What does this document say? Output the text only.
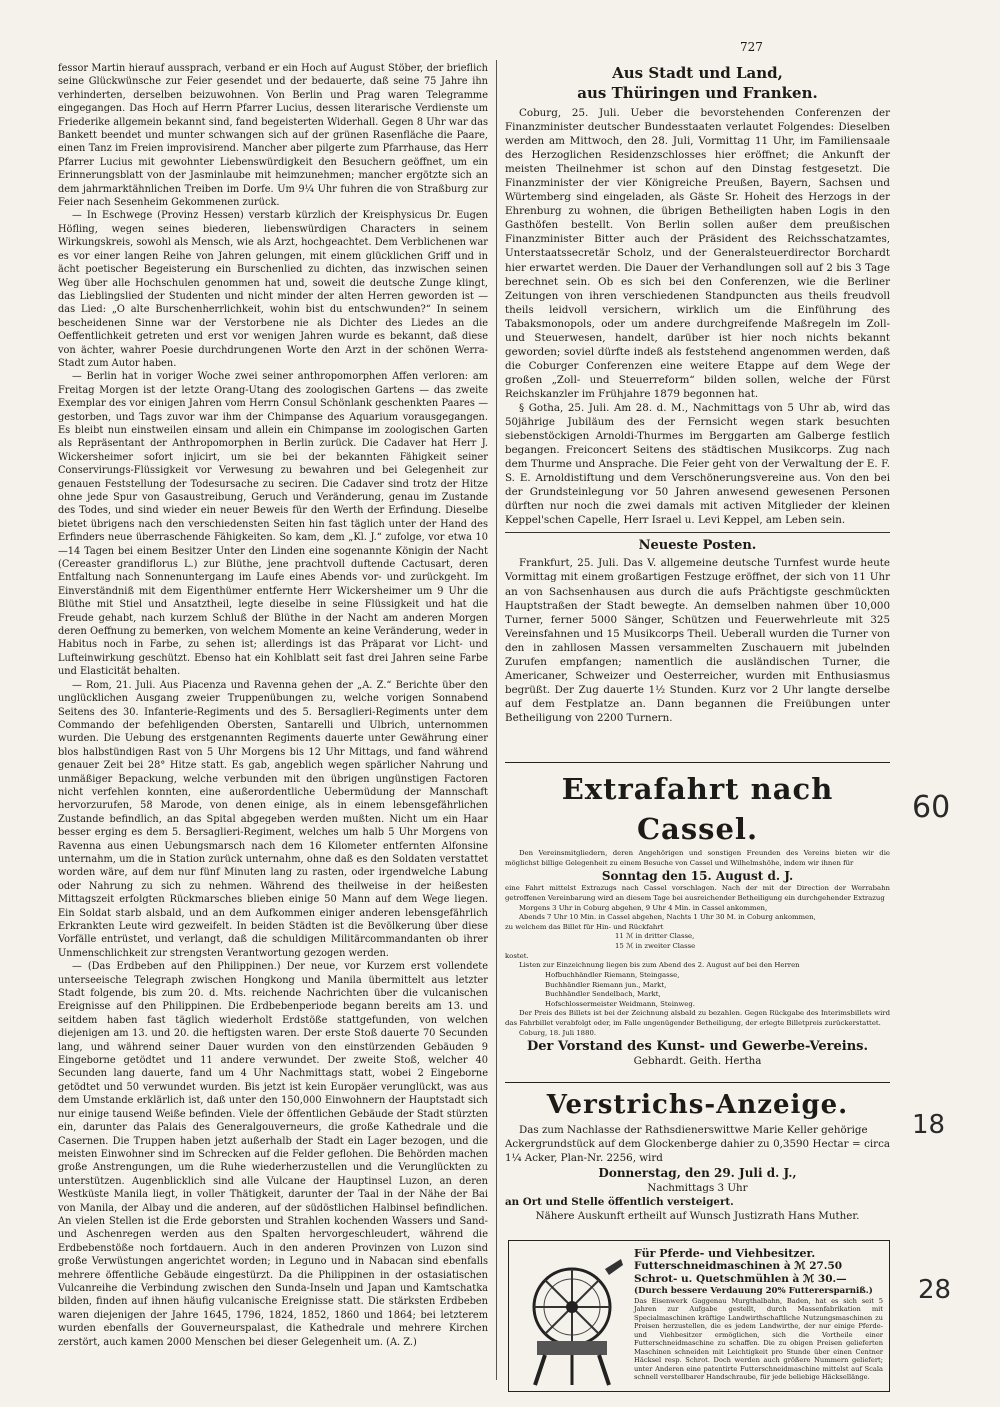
727

fessor Martin hierauf aussprach, verband er ein Hoch auf August Stöber, der brieflich seine Glückwünsche zur Feier gesendet und der bedauerte, daß seine 75 Jahre ihn verhinderten, derselben beizuwohnen. Von Berlin und Prag waren Telegramme eingegangen. Das Hoch auf Herrn Pfarrer Lucius, dessen literarische Verdienste um Friederike allgemein bekannt sind, fand begeisterten Widerhall. Gegen 8 Uhr war das Bankett beendet und munter schwangen sich auf der grünen Rasenfläche die Paare, einen Tanz im Freien improvisirend. Mancher aber pilgerte zum Pfarrhause, das Herr Pfarrer Lucius mit gewohnter Liebenswürdigkeit den Besuchern geöffnet, um ein Erinnerungsblatt von der Jasminlaube mit heimzunehmen; mancher ergötzte sich an dem jahrmarktähnlichen Treiben im Dorfe. Um 9¼ Uhr fuhren die von Straßburg zur Feier nach Sesenheim Gekommenen zurück.

— In Eschwege (Provinz Hessen) verstarb kürzlich der Kreisphysicus Dr. Eugen Höfling, wegen seines biederen, liebenswürdigen Characters in seinem Wirkungskreis, sowohl als Mensch, wie als Arzt, hochgeachtet. Dem Verblichenen war es vor einer langen Reihe von Jahren gelungen, mit einem glücklichen Griff und in ächt poetischer Begeisterung ein Burschenlied zu dichten, das inzwischen seinen Weg über alle Hochschulen genommen hat und, soweit die deutsche Zunge klingt, das Lieblingslied der Studenten und nicht minder der alten Herren geworden ist — das Lied: „O alte Burschenherrlichkeit, wohin bist du entschwunden?“ In seinem bescheidenen Sinne war der Verstorbene nie als Dichter des Liedes an die Oeffentlichkeit getreten und erst vor wenigen Jahren wurde es bekannt, daß diese von ächter, wahrer Poesie durchdrungenen Worte den Arzt in der schönen Werra-Stadt zum Autor haben.

— Berlin hat in voriger Woche zwei seiner anthropomorphen Affen verloren: am Freitag Morgen ist der letzte Orang-Utang des zoologischen Gartens — das zweite Exemplar des vor einigen Jahren vom Herrn Consul Schönlank geschenkten Paares — gestorben, und Tags zuvor war ihm der Chimpanse des Aquarium vorausgegangen. Es bleibt nun einstweilen einsam und allein ein Chimpanse im zoologischen Garten als Repräsentant der Anthropomorphen in Berlin zurück. Die Cadaver hat Herr J. Wickersheimer sofort injicirt, um sie bei der bekannten Fähigkeit seiner Conservirungs-Flüssigkeit vor Verwesung zu bewahren und bei Gelegenheit zur genauen Feststellung der Todesursache zu seciren. Die Cadaver sind trotz der Hitze ohne jede Spur von Gasaustreibung, Geruch und Veränderung, genau im Zustande des Todes, und sind wieder ein neuer Beweis für den Werth der Erfindung. Dieselbe bietet übrigens nach den verschiedensten Seiten hin fast täglich unter der Hand des Erfinders neue überraschende Fähigkeiten. So kam, dem „Kl. J.“ zufolge, vor etwa 10—14 Tagen bei einem Besitzer Unter den Linden eine sogenannte Königin der Nacht (Cereaster grandiflorus L.) zur Blüthe, jene prachtvoll duftende Cactusart, deren Entfaltung nach Sonnenuntergang im Laufe eines Abends vor- und zurückgeht. Im Einverständniß mit dem Eigenthümer entfernte Herr Wickersheimer um 9 Uhr die Blüthe mit Stiel und Ansatztheil, legte dieselbe in seine Flüssigkeit und hat die Freude gehabt, nach kurzem Schluß der Blüthe in der Nacht am anderen Morgen deren Oeffnung zu bemerken, von welchem Momente an keine Veränderung, weder in Habitus noch in Farbe, zu sehen ist; allerdings ist das Präparat vor Licht- und Lufteinwirkung geschützt. Ebenso hat ein Kohlblatt seit fast drei Jahren seine Farbe und Elasticität behalten.

— Rom, 21. Juli. Aus Piacenza und Ravenna gehen der „A. Z.“ Berichte über den unglücklichen Ausgang zweier Truppenübungen zu, welche vorigen Sonnabend Seitens des 30. Infanterie-Regiments und des 5. Bersaglieri-Regiments unter dem Commando der befehligenden Obersten, Santarelli und Ulbrich, unternommen wurden. Die Uebung des erstgenannten Regiments dauerte unter Gewährung einer blos halbstündigen Rast von 5 Uhr Morgens bis 12 Uhr Mittags, und fand während genauer Zeit bei 28° Hitze statt. Es gab, angeblich wegen spärlicher Nahrung und unmäßiger Bepackung, welche verbunden mit den übrigen ungünstigen Factoren nicht verfehlen konnten, eine außerordentliche Uebermüdung der Mannschaft hervorzurufen, 58 Marode, von denen einige, als in einem lebensgefährlichen Zustande befindlich, an das Spital abgegeben werden mußten. Nicht um ein Haar besser erging es dem 5. Bersaglieri-Regiment, welches um halb 5 Uhr Morgens von Ravenna aus einen Uebungsmarsch nach dem 16 Kilometer entfernten Alfonsine unternahm, um die in Station zurück unternahm, ohne daß es den Soldaten verstattet worden wäre, auf dem nur fünf Minuten lang zu rasten, oder irgendwelche Labung oder Nahrung zu sich zu nehmen. Während des theilweise in der heißesten Mittagszeit erfolgten Rückmarsches blieben einige 50 Mann auf dem Wege liegen. Ein Soldat starb alsbald, und an dem Aufkommen einiger anderen lebensgefährlich Erkrankten Leute wird gezweifelt. In beiden Städten ist die Bevölkerung über diese Vorfälle entrüstet, und verlangt, daß die schuldigen Militärcommandanten ob ihrer Unmenschlichkeit zur strengsten Verantwortung gezogen werden.

— (Das Erdbeben auf den Philippinen.) Der neue, vor Kurzem erst vollendete unterseeische Telegraph zwischen Hongkong und Manila übermittelt aus letzter Stadt folgende, bis zum 20. d. Mts. reichende Nachrichten über die vulcanischen Ereignisse auf den Philippinen. Die Erdbebenperiode begann bereits am 13. und seitdem haben fast täglich wiederholt Erdstöße stattgefunden, von welchen diejenigen am 13. und 20. die heftigsten waren. Der erste Stoß dauerte 70 Secunden lang, und während seiner Dauer wurden von den einstürzenden Gebäuden 9 Eingeborne getödtet und 11 andere verwundet. Der zweite Stoß, welcher 40 Secunden lang dauerte, fand um 4 Uhr Nachmittags statt, wobei 2 Eingeborne getödtet und 50 verwundet wurden. Bis jetzt ist kein Europäer verunglückt, was aus dem Umstande erklärlich ist, daß unter den 150,000 Einwohnern der Hauptstadt sich nur einige tausend Weiße befinden. Viele der öffentlichen Gebäude der Stadt stürzten ein, darunter das Palais des Generalgouverneurs, die große Kathedrale und die Casernen. Die Truppen haben jetzt außerhalb der Stadt ein Lager bezogen, und die meisten Einwohner sind im Schrecken auf die Felder geflohen. Die Behörden machen große Anstrengungen, um die Ruhe wiederherzustellen und die Verunglückten zu unterstützen. Augenblicklich sind alle Vulcane der Hauptinsel Luzon, an deren Westküste Manila liegt, in voller Thätigkeit, darunter der Taal in der Nähe der Bai von Manila, der Albay und die anderen, auf der südöstlichen Halbinsel befindlichen. An vielen Stellen ist die Erde geborsten und Strahlen kochenden Wassers und Sand- und Aschenregen werden aus den Spalten hervorgeschleudert, während die Erdbebenstöße noch fortdauern. Auch in den anderen Provinzen von Luzon sind große Verwüstungen angerichtet worden; in Leguno und in Nabacan sind ebenfalls mehrere öffentliche Gebäude eingestürzt. Da die Philippinen in der ostasiatischen Vulcanreihe die Verbindung zwischen den Sunda-Inseln und Japan und Kamtschatka bilden, finden auf ihnen häufig vulcanische Ereignisse statt. Die stärksten Erdbeben waren diejenigen der Jahre 1645, 1796, 1824, 1852, 1860 und 1864; bei letzterem wurden ebenfalls der Gouverneurspalast, die Kathedrale und mehrere Kirchen zerstört, auch kamen 2000 Menschen bei dieser Gelegenheit um. (A. Z.)

Aus Stadt und Land,
aus Thüringen und Franken.

Coburg, 25. Juli. Ueber die bevorstehenden Conferenzen der Finanzminister deutscher Bundesstaaten verlautet Folgendes: Dieselben werden am Mittwoch, den 28. Juli, Vormittag 11 Uhr, im Familiensaale des Herzoglichen Residenzschlosses hier eröffnet; die Ankunft der meisten Theilnehmer ist schon auf den Dinstag festgesetzt. Die Finanzminister der vier Königreiche Preußen, Bayern, Sachsen und Würtemberg sind eingeladen, als Gäste Sr. Hoheit des Herzogs in der Ehrenburg zu wohnen, die übrigen Betheiligten haben Logis in den Gasthöfen bestellt. Von Berlin sollen außer dem preußischen Finanzminister Bitter auch der Präsident des Reichsschatzamtes, Unterstaatssecretär Scholz, und der Generalsteuerdirector Borchardt hier erwartet werden. Die Dauer der Verhandlungen soll auf 2 bis 3 Tage berechnet sein. Ob es sich bei den Conferenzen, wie die Berliner Zeitungen von ihren verschiedenen Standpuncten aus theils freudvoll theils leidvoll versichern, wirklich um die Einführung des Tabaksmonopols, oder um andere durchgreifende Maßregeln im Zoll- und Steuerwesen, handelt, darüber ist hier noch nichts bekannt geworden; soviel dürfte indeß als feststehend angenommen werden, daß die Coburger Conferenzen eine weitere Etappe auf dem Wege der großen „Zoll- und Steuerreform“ bilden sollen, welche der Fürst Reichskanzler im Frühjahre 1879 begonnen hat.

§ Gotha, 25. Juli. Am 28. d. M., Nachmittags von 5 Uhr ab, wird das 50jährige Jubiläum des der Fernsicht wegen stark besuchten siebenstöckigen Arnoldi-Thurmes im Berggarten am Galberge festlich begangen. Freiconcert Seitens des städtischen Musikcorps. Zug nach dem Thurme und Ansprache. Die Feier geht von der Verwaltung der E. F. S. E. Arnoldistiftung und dem Verschönerungsvereine aus. Von den bei der Grundsteinlegung vor 50 Jahren anwesend gewesenen Personen dürften nur noch die zwei damals mit activen Mitglieder der kleinen Keppel'schen Capelle, Herr Israel u. Levi Keppel, am Leben sein.

Neueste Posten.

Frankfurt, 25. Juli. Das V. allgemeine deutsche Turnfest wurde heute Vormittag mit einem großartigen Festzuge eröffnet, der sich von 11 Uhr an von Sachsenhausen aus durch die aufs Prächtigste geschmückten Hauptstraßen der Stadt bewegte. An demselben nahmen über 10,000 Turner, ferner 5000 Sänger, Schützen und Feuerwehrleute mit 325 Vereinsfahnen und 15 Musikcorps Theil. Ueberall wurden die Turner von den in zahllosen Massen versammelten Zuschauern mit jubelnden Zurufen empfangen; namentlich die ausländischen Turner, die Americaner, Schweizer und Oesterreicher, wurden mit Enthusiasmus begrüßt. Der Zug dauerte 1½ Stunden. Kurz vor 2 Uhr langte derselbe auf dem Festplatze an. Dann begannen die Freiübungen unter Betheiligung von 2200 Turnern.

Extrafahrt nach Cassel.

Den Vereinsmitgliedern, deren Angehörigen und sonstigen Freunden des Vereins bieten wir die möglichst billige Gelegenheit zu einem Besuche von Cassel und Wilhelmshöhe, indem wir ihnen für

Sonntag den 15. August d. J.

eine Fahrt mittelst Extrazugs nach Cassel vorschlagen. Nach der mit der Direction der Werrabahn getroffenen Vereinbarung wird an diesem Tage bei ausreichender Betheiligung ein durchgehender Extrazug

Morgens 3 Uhr in Coburg abgehen, 9 Uhr 4 Min. in Cassel ankommen,

Abends 7 Uhr 10 Min. in Cassel abgehen, Nachts 1 Uhr 30 M. in Coburg ankommen,

zu welchem das Billet für Hin- und Rückfahrt

11 ℳ in dritter Classe,

15 ℳ in zweiter Classe

kostet.

Listen zur Einzeichnung liegen bis zum Abend des 2. August auf bei den Herren

Hofbuchhändler Riemann, Steingasse,

Buchhändler Riemann jun., Markt,

Buchhändler Sendelbach, Markt,

Hofschlossermeister Weidmann, Steinweg.

Der Preis des Billets ist bei der Zeichnung alsbald zu bezahlen. Gegen Rückgabe des Interimsbillets wird das Fahrbillet verabfolgt oder, im Falle ungenügender Betheiligung, der erlegte Billetpreis zurückerstattet.

Coburg, 18. Juli 1880.

Der Vorstand des Kunst- und Gewerbe-Vereins.
Gebhardt. Geith. Hertha
Verstrichs-Anzeige.

Das zum Nachlasse der Rathsdienerswittwe Marie Keller gehörige

Ackergrundstück auf dem Glockenberge dahier zu 0,3590 Hectar = circa 1¼ Acker, Plan-Nr. 2256, wird

Donnerstag, den 29. Juli d. J.,
Nachmittags 3 Uhr

an Ort und Stelle öffentlich versteigert.

Nähere Auskunft ertheilt auf Wunsch Justizrath Hans Muther.

Für Pferde- und Viehbesitzer.
Futterschneidmaschinen à ℳ 27.50
Schrot- u. Quetschmühlen à ℳ 30.—
(Durch bessere Verdauung 20% Futterersparniß.)
Das Eisenwerk Gaggenau Murgthalbahn, Baden, hat es sich seit 5 Jahren zur Aufgabe gestellt, durch Massenfabrikation mit Specialmaschinen kräftige Landwirthschaftliche Nutzungsmaschinen zu Preisen herzustellen, die es jedem Landwirthe, der nur einige Pferde- und Viehbesitzer ermöglichen, sich die Vortheile einer Futterschneidmaschine zu schaffen. Die zu obigen Preisen gelieferten Maschinen schneiden mit Leichtigkeit pro Stunde über einen Centner Häcksel resp. Schrot. Doch werden auch größere Nummern geliefert; unter Anderen eine patentirte Futterschneidmaschine mittelst auf Scala schnell verstellbarer Handschraube, für jede beliebige Häcksellänge.
60
18
28
